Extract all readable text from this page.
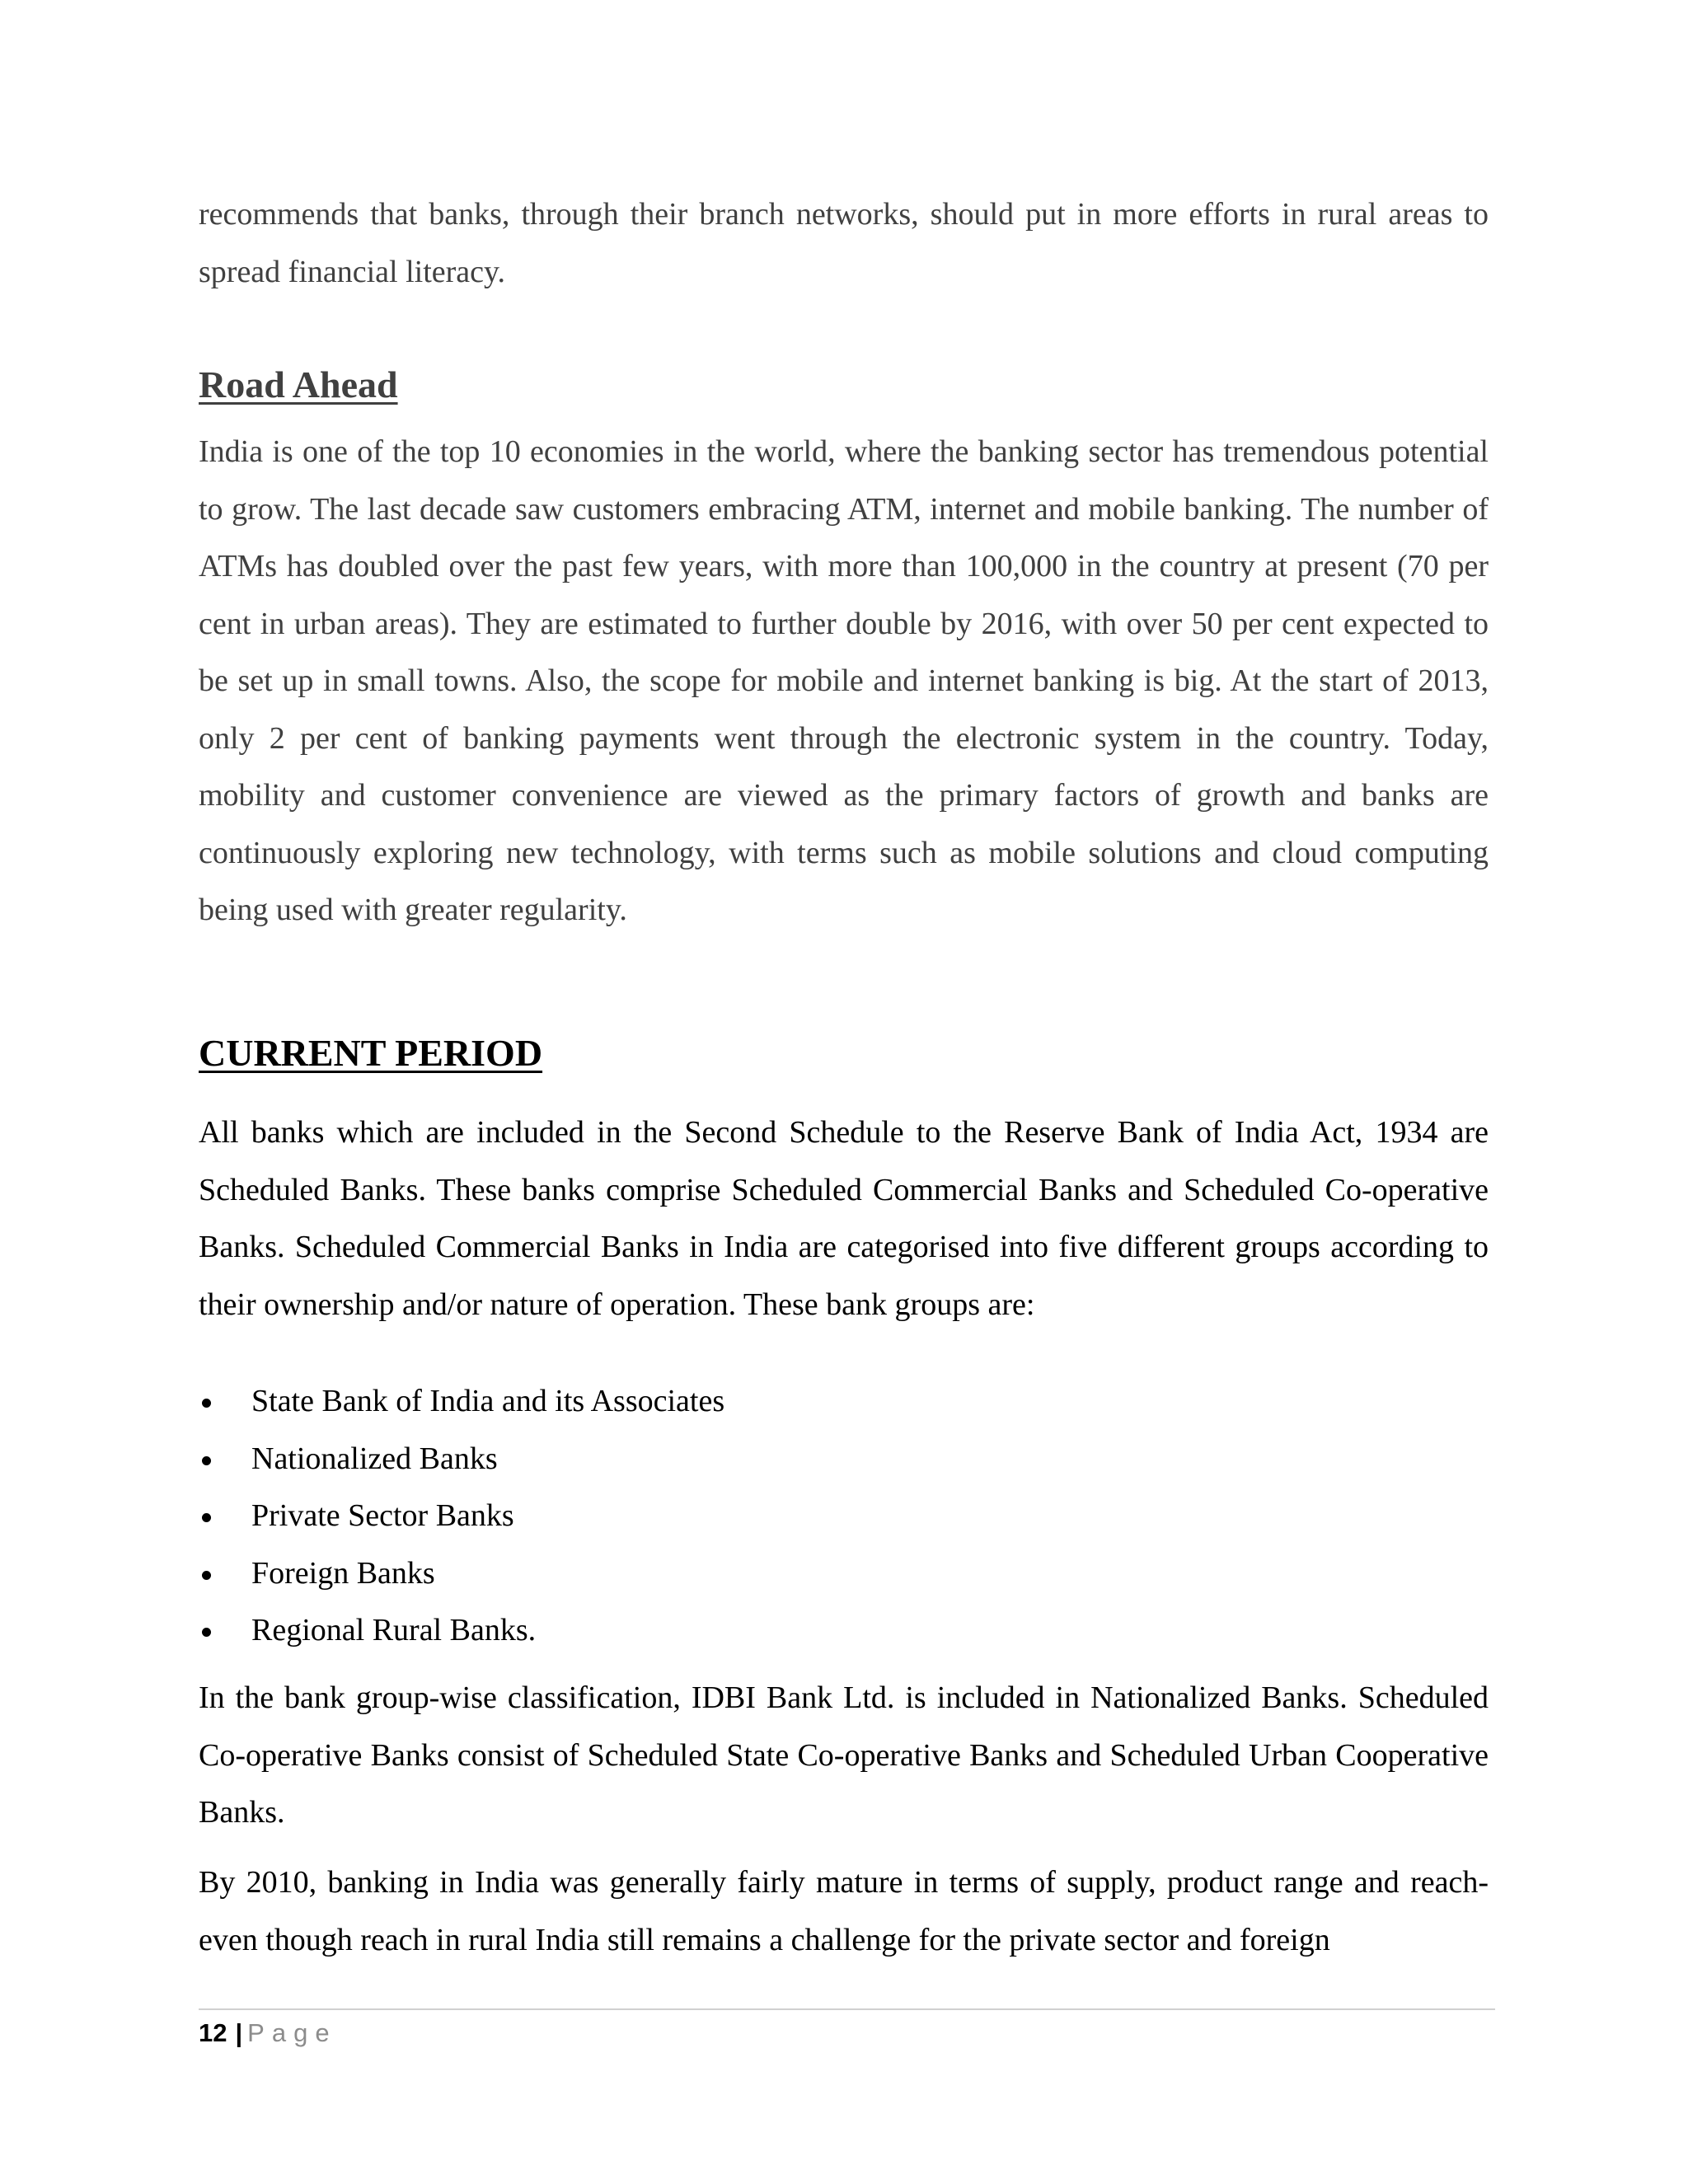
recommends that banks, through their branch networks, should put in more efforts in rural areas to spread financial literacy.

Road Ahead

India is one of the top 10 economies in the world, where the banking sector has tremendous potential to grow. The last decade saw customers embracing ATM, internet and mobile banking. The number of ATMs has doubled over the past few years, with more than 100,000 in the country at present (70 per cent in urban areas). They are estimated to further double by 2016, with over 50 per cent expected to be set up in small towns. Also, the scope for mobile and internet banking is big. At the start of 2013, only 2 per cent of banking payments went through the electronic system in the country. Today, mobility and customer convenience are viewed as the primary factors of growth and banks are continuously exploring new technology, with terms such as mobile solutions and cloud computing being used with greater regularity.

CURRENT PERIOD

All banks which are included in the Second Schedule to the Reserve Bank of India Act, 1934 are Scheduled Banks. These banks comprise Scheduled Commercial Banks and Scheduled Co-operative Banks. Scheduled Commercial Banks in India are categorised into five different groups according to their ownership and/or nature of operation. These bank groups are:

State Bank of India and its Associates
Nationalized Banks
Private Sector Banks
Foreign Banks
Regional Rural Banks.

In the bank group-wise classification, IDBI Bank Ltd. is included in Nationalized Banks. Scheduled Co-operative Banks consist of Scheduled State Co-operative Banks and Scheduled Urban Cooperative Banks.

By 2010, banking in India was generally fairly mature in terms of supply, product range and reach-even though reach in rural India still remains a challenge for the private sector and foreign

12 | Page
